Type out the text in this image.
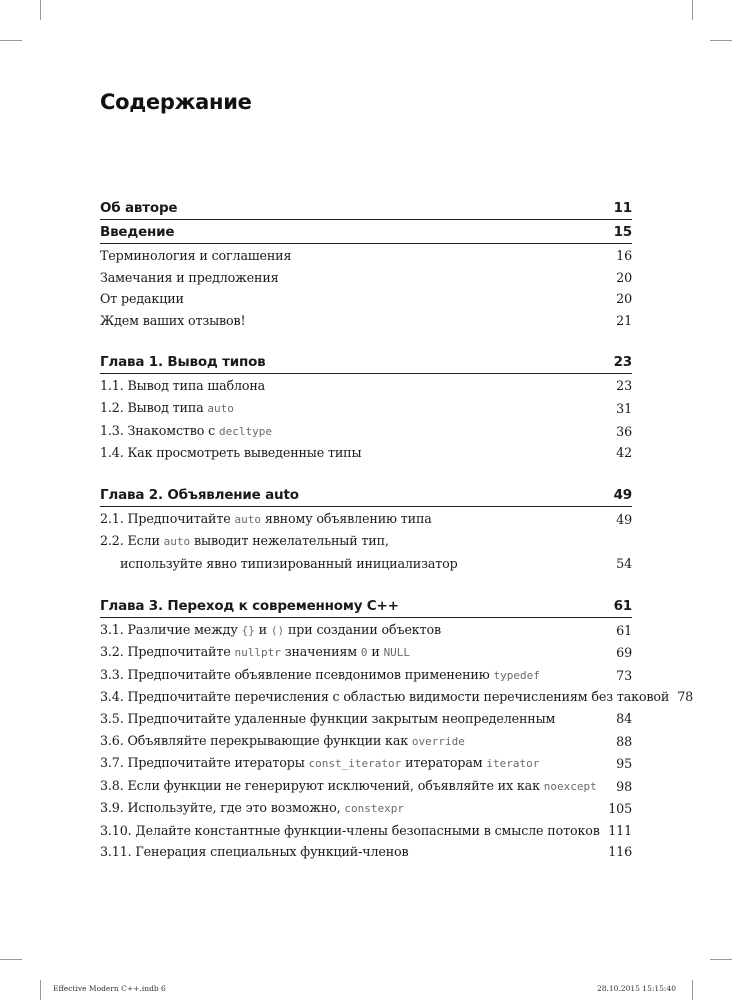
Содержание
Об авторе	11
Введение	15
Терминология и соглашения	16
Замечания и предложения	20
От редакции	20
Ждем ваших отзывов!	21
Глава 1. Вывод типов	23
1.1. Вывод типа шаблона	23
1.2. Вывод типа auto	31
1.3. Знакомство с decltype	36
1.4. Как просмотреть выведенные типы	42
Глава 2. Объявление auto	49
2.1. Предпочитайте auto явному объявлению типа	49
2.2. Если auto выводит нежелательный тип,
используйте явно типизированный инициализатор	54
Глава 3. Переход к современному C++	61
3.1. Различие между {} и () при создании объектов	61
3.2. Предпочитайте nullptr значениям 0 и NULL	69
3.3. Предпочитайте объявление псевдонимов применению typedef	73
3.4. Предпочитайте перечисления с областью видимости перечислениям без таковой 78
3.5. Предпочитайте удаленные функции закрытым неопределенным	84
3.6. Объявляйте перекрывающие функции как override	88
3.7. Предпочитайте итераторы const_iterator итераторам iterator	95
3.8. Если функции не генерируют исключений, объявляйте их как noexcept	98
3.9. Используйте, где это возможно, constexpr	105
3.10. Делайте константные функции-члены безопасными в смысле потоков 111
3.11. Генерация специальных функций-членов	116
Effective Modern C++.indb 6	28.10.2015 15:15:40
